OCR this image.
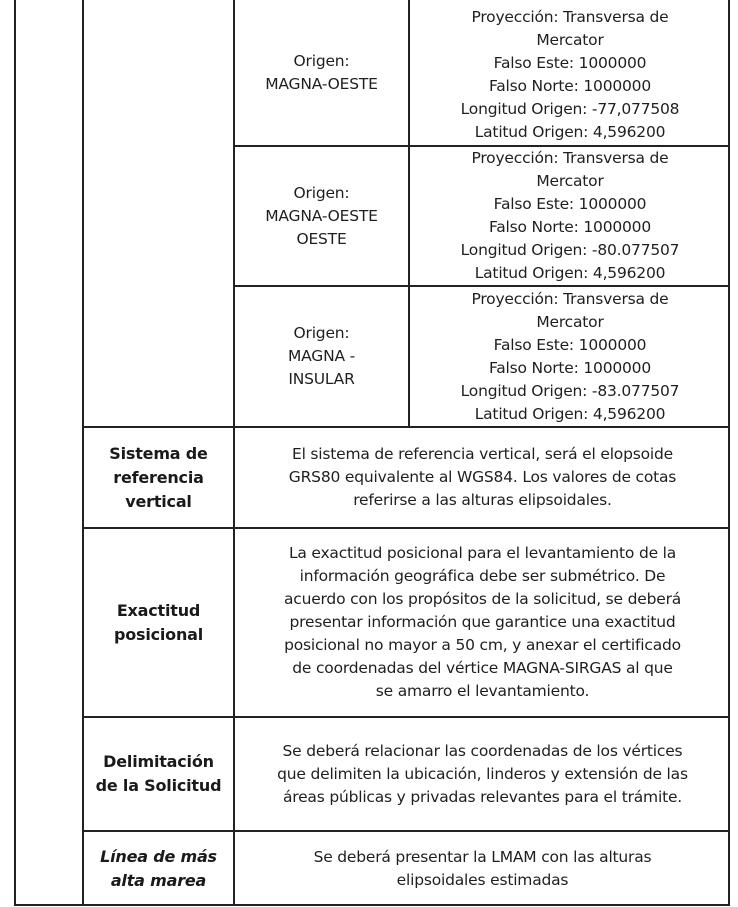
Origen:
MAGNA-OESTE
Origen:
MAGNA-OESTE
OESTE
Origen:
MAGNA -
INSULAR
Proyección: Transversa de
Mercator
Falso Este: 1000000
Falso Norte: 1000000
Longitud Origen: -77,077508
Latitud Origen: 4,596200
Proyección: Transversa de
Mercator
Falso Este: 1000000
Falso Norte: 1000000
Longitud Origen: -80.077507
Latitud Origen: 4,596200
Proyección: Transversa de
Mercator
Falso Este: 1000000
Falso Norte: 1000000
Longitud Origen: -83.077507
Latitud Origen: 4,596200
Sistema de
referencia
vertical
Exactitud
posicional
Delimitación
de la Solicitud
Línea de más
alta marea
El sistema de referencia vertical, será el elopsoide
GRS80 equivalente al WGS84. Los valores de cotas
referirse a las alturas elipsoidales.
La exactitud posicional para el levantamiento de la
información geográfica debe ser submétrico. De
acuerdo con los propósitos de la solicitud, se deberá
presentar información que garantice una exactitud
posicional no mayor a 50 cm, y anexar el certificado
de coordenadas del vértice MAGNA-SIRGAS al que
se amarro el levantamiento.
Se deberá relacionar las coordenadas de los vértices
que delimiten la ubicación, linderos y extensión de las
áreas públicas y privadas relevantes para el trámite.
Se deberá presentar la LMAM con las alturas
elipsoidales estimadas
